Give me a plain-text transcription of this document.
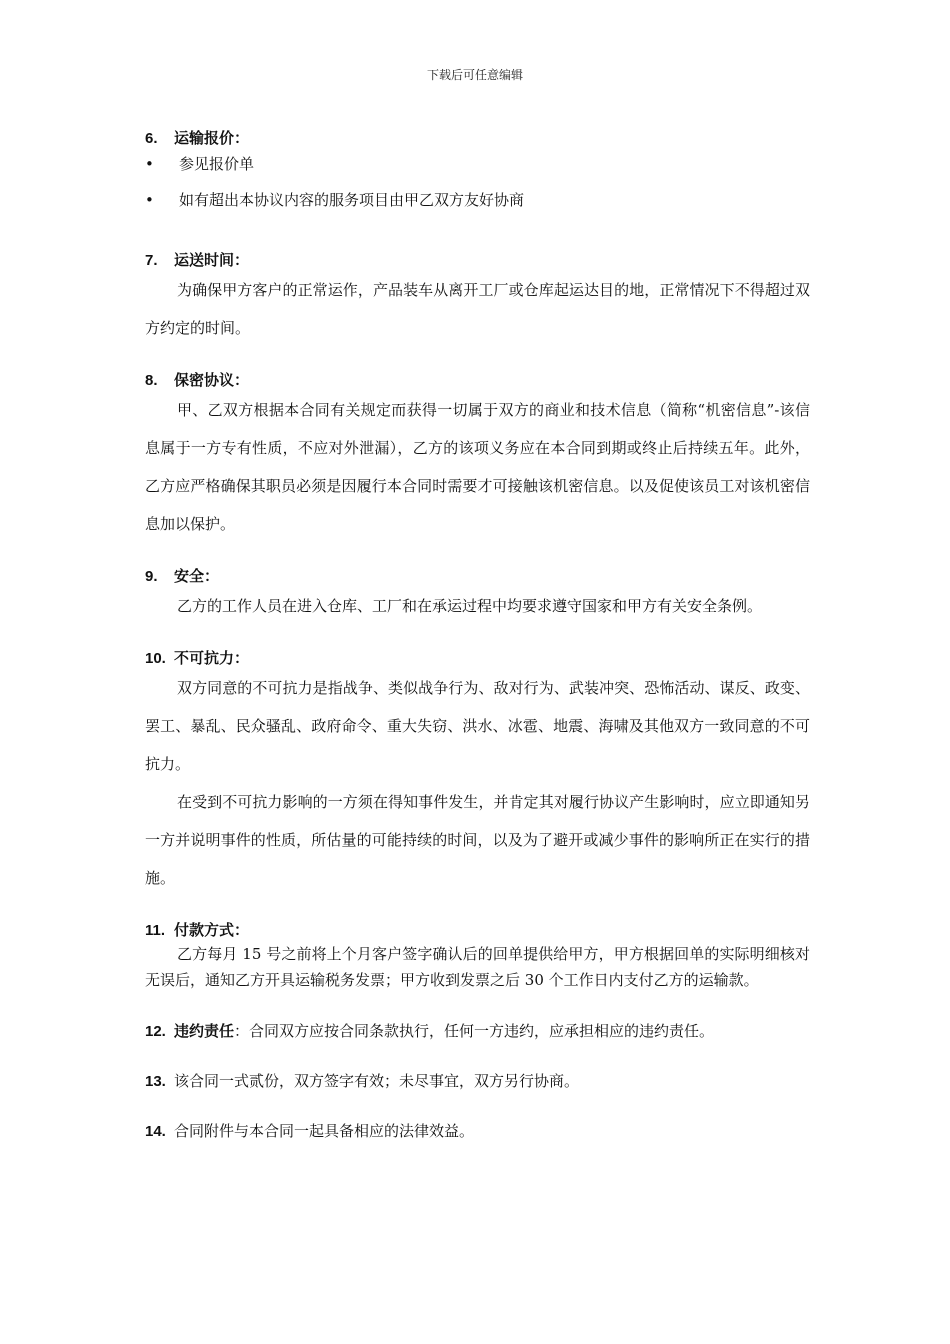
下载后可任意编辑
6. 运输报价：
• 参见报价单
• 如有超出本协议内容的服务项目由甲乙双方友好协商
7. 运送时间：

为确保甲方客户的正常运作，产品装车从离开工厂或仓库起运达目的地，正常情况下不得超过双方约定的时间。

8. 保密协议：

甲、乙双方根据本合同有关规定而获得一切属于双方的商业和技术信息（简称“机密信息”-该信息属于一方专有性质，不应对外泄漏），乙方的该项义务应在本合同到期或终止后持续五年。此外，乙方应严格确保其职员必须是因履行本合同时需要才可接触该机密信息。以及促使该员工对该机密信息加以保护。

9. 安全：

乙方的工作人员在进入仓库、工厂和在承运过程中均要求遵守国家和甲方有关安全条例。

10. 不可抗力：

双方同意的不可抗力是指战争、类似战争行为、敌对行为、武装冲突、恐怖活动、谋反、政变、罢工、暴乱、民众骚乱、政府命令、重大失窃、洪水、冰雹、地震、海啸及其他双方一致同意的不可抗力。

在受到不可抗力影响的一方须在得知事件发生，并肯定其对履行协议产生影响时，应立即通知另一方并说明事件的性质，所估量的可能持续的时间，以及为了避开或减少事件的影响所正在实行的措施。

11. 付款方式：

乙方每月 15 号之前将上个月客户签字确认后的回单提供给甲方，甲方根据回单的实际明细核对无误后，通知乙方开具运输税务发票；甲方收到发票之后 30 个工作日内支付乙方的运输款。

12. 违约责任：合同双方应按合同条款执行，任何一方违约，应承担相应的违约责任。
13. 该合同一式贰份，双方签字有效；未尽事宜，双方另行协商。
14. 合同附件与本合同一起具备相应的法律效益。
